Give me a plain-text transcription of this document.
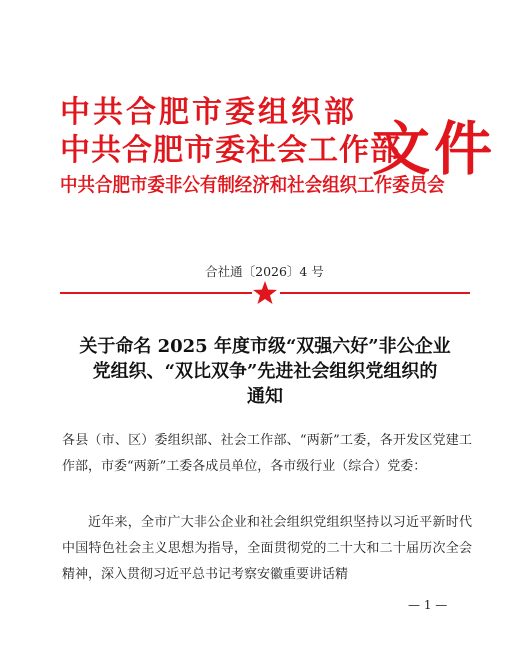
中共合肥市委组织部
中共合肥市委社会工作部
中共合肥市委非公有制经济和社会组织工作委员会
文件
合社通〔2026〕4 号
关于命名 2025 年度市级“双强六好”非公企业
党组织、“双比双争”先进社会组织党组织的
通知
各县（市、区）委组织部、社会工作部、“两新”工委，各开发区党建工作部，市委“两新”工委各成员单位，各市级行业（综合）党委：
近年来，全市广大非公企业和社会组织党组织坚持以习近平新时代中国特色社会主义思想为指导，全面贯彻党的二十大和二十届历次全会精神，深入贯彻习近平总书记考察安徽重要讲话精
— 1 —
